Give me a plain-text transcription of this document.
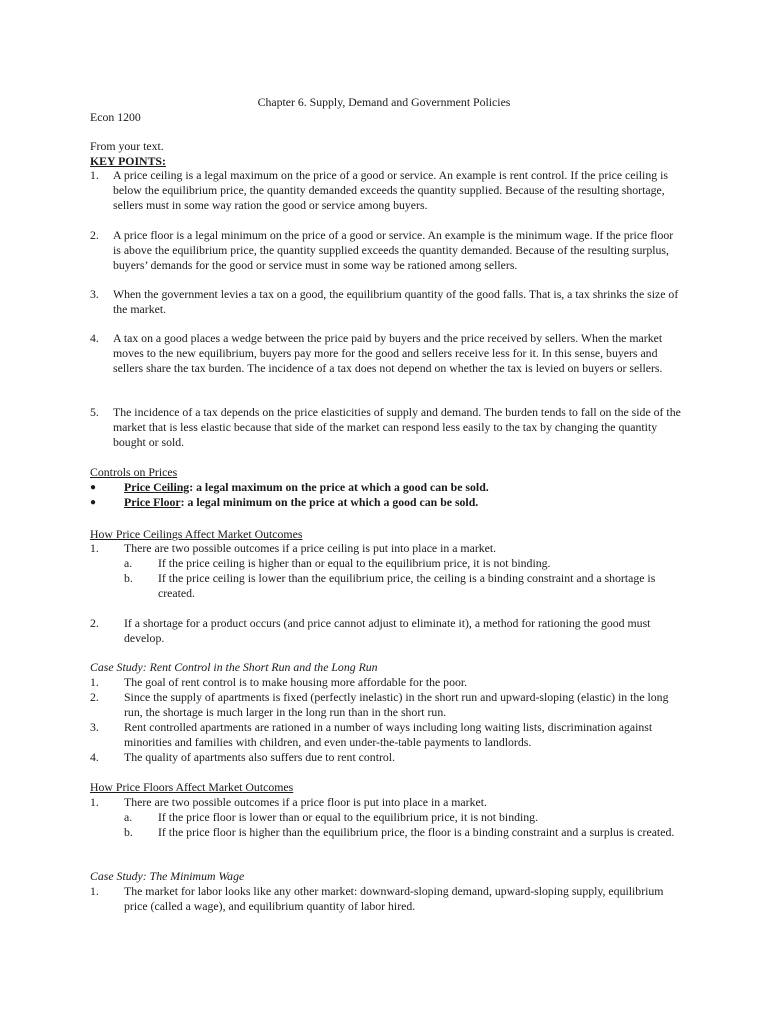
Chapter 6. Supply, Demand and Government Policies
Econ 1200
From your text.
KEY POINTS:
1.	A price ceiling is a legal maximum on the price of a good or service. An example is rent control. If the price ceiling is below the equilibrium price, the quantity demanded exceeds the quantity supplied. Because of the resulting shortage, sellers must in some way ration the good or service among buyers.
2.	A price floor is a legal minimum on the price of a good or service. An example is the minimum wage. If the price floor is above the equilibrium price, the quantity supplied exceeds the quantity demanded. Because of the resulting surplus, buyers’ demands for the good or service must in some way be rationed among sellers.
3.	When the government levies a tax on a good, the equilibrium quantity of the good falls. That is, a tax shrinks the size of the market.
4.	A tax on a good places a wedge between the price paid by buyers and the price received by sellers. When the market moves to the new equilibrium, buyers pay more for the good and sellers receive less for it. In this sense, buyers and sellers share the tax burden. The incidence of a tax does not depend on whether the tax is levied on buyers or sellers.
5.	The incidence of a tax depends on the price elasticities of supply and demand. The burden tends to fall on the side of the market that is less elastic because that side of the market can respond less easily to the tax by changing the quantity bought or sold.
Controls on Prices
● Price Ceiling: a legal maximum on the price at which a good can be sold.
● Price Floor: a legal minimum on the price at which a good can be sold.
How Price Ceilings Affect Market Outcomes
1.	There are two possible outcomes if a price ceiling is put into place in a market.
a. If the price ceiling is higher than or equal to the equilibrium price, it is not binding.
b. If the price ceiling is lower than the equilibrium price, the ceiling is a binding constraint and a shortage is created.
2.	If a shortage for a product occurs (and price cannot adjust to eliminate it), a method for rationing the good must develop.
Case Study: Rent Control in the Short Run and the Long Run
1.	The goal of rent control is to make housing more affordable for the poor.
2.	Since the supply of apartments is fixed (perfectly inelastic) in the short run and upward-sloping (elastic) in the long run, the shortage is much larger in the long run than in the short run.
3.	Rent controlled apartments are rationed in a number of ways including long waiting lists, discrimination against minorities and families with children, and even under-the-table payments to landlords.
4.	The quality of apartments also suffers due to rent control.
How Price Floors Affect Market Outcomes
1.	There are two possible outcomes if a price floor is put into place in a market.
a. If the price floor is lower than or equal to the equilibrium price, it is not binding.
b. If the price floor is higher than the equilibrium price, the floor is a binding constraint and a surplus is created.
Case Study: The Minimum Wage
1.	The market for labor looks like any other market: downward-sloping demand, upward-sloping supply, equilibrium price (called a wage), and equilibrium quantity of labor hired.
